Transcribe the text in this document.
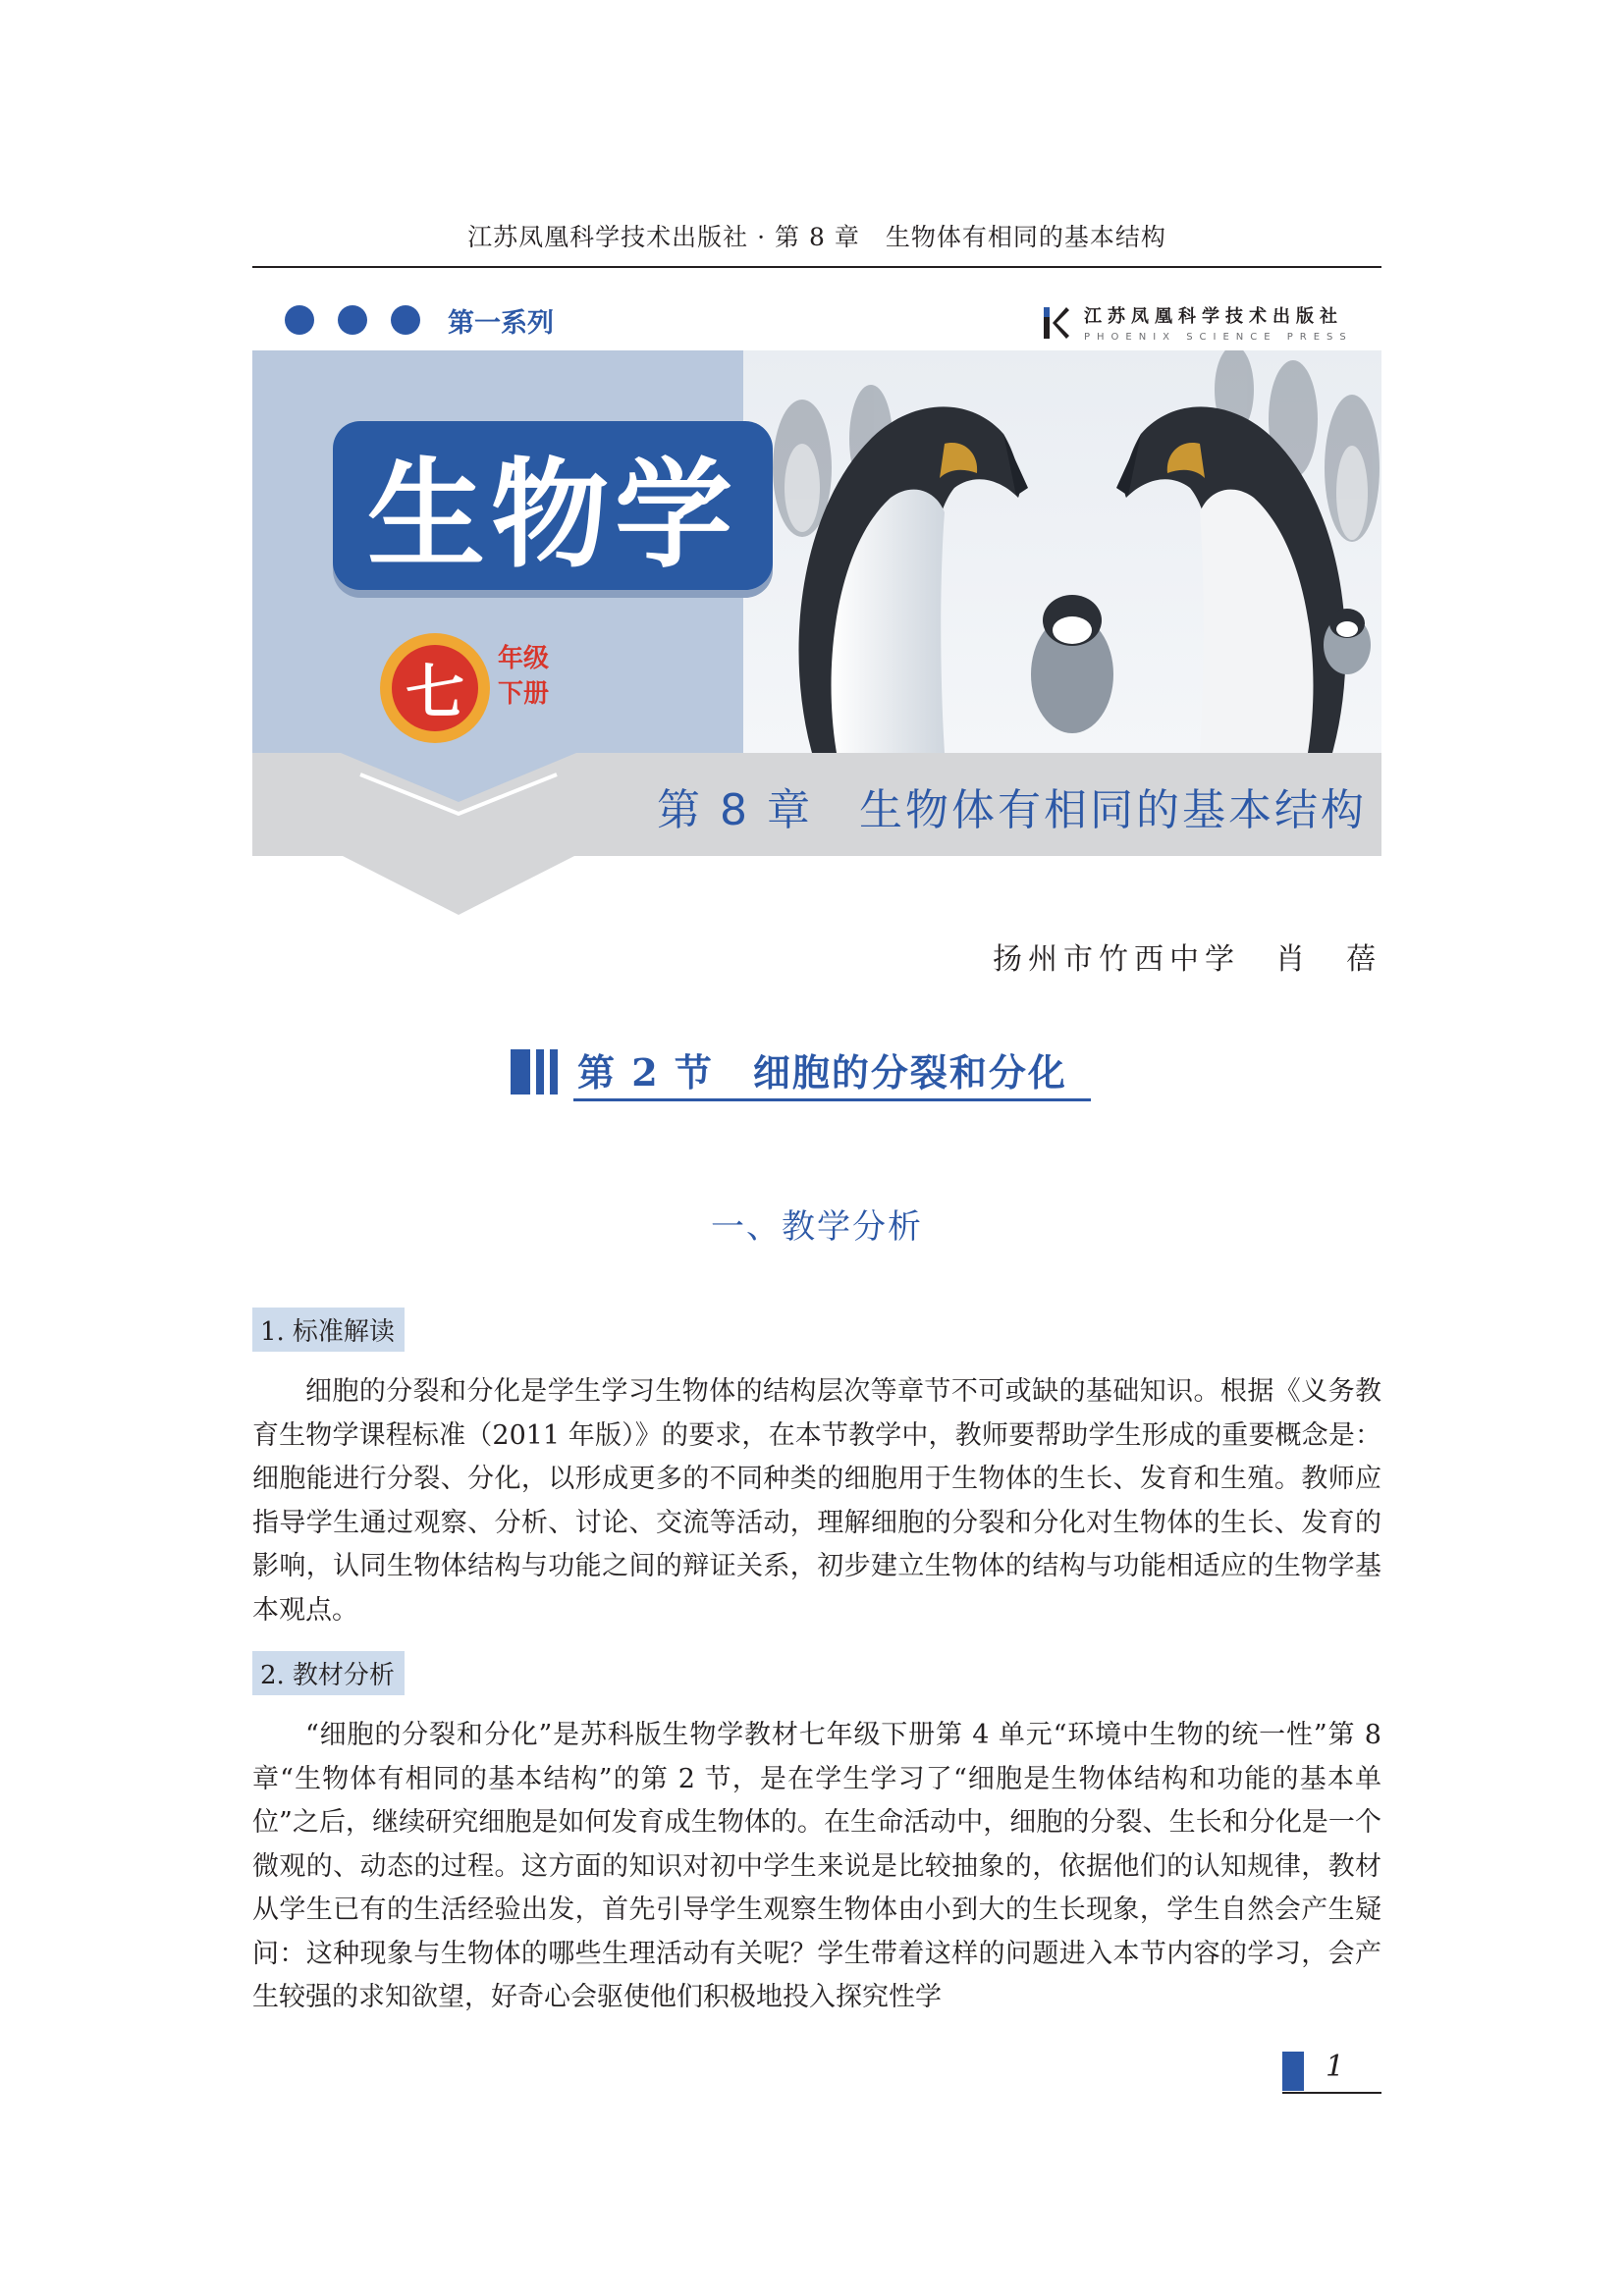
江苏凤凰科学技术出版社 · 第 8 章　生物体有相同的基本结构
第一系列	江苏凤凰科学技术出版社
PHOENIX SCIENCE PRESS
生物学
七	年级
下册
第 8 章　生物体有相同的基本结构
扬州市竹西中学　肖　蓓
第 2 节　细胞的分裂和分化
一、教学分析
1. 标准解读
细胞的分裂和分化是学生学习生物体的结构层次等章节不可或缺的基础知识。根据《义务教育生物学课程标准（2011 年版）》的要求，在本节教学中，教师要帮助学生形成的重要概念是：细胞能进行分裂、分化，以形成更多的不同种类的细胞用于生物体的生长、发育和生殖。教师应指导学生通过观察、分析、讨论、交流等活动，理解细胞的分裂和分化对生物体的生长、发育的影响，认同生物体结构与功能之间的辩证关系，初步建立生物体的结构与功能相适应的生物学基本观点。
2. 教材分析
“细胞的分裂和分化”是苏科版生物学教材七年级下册第 4 单元“环境中生物的统一性”第 8 章“生物体有相同的基本结构”的第 2 节，是在学生学习了“细胞是生物体结构和功能的基本单位”之后，继续研究细胞是如何发育成生物体的。在生命活动中，细胞的分裂、生长和分化是一个微观的、动态的过程。这方面的知识对初中学生来说是比较抽象的，依据他们的认知规律，教材从学生已有的生活经验出发，首先引导学生观察生物体由小到大的生长现象，学生自然会产生疑问：这种现象与生物体的哪些生理活动有关呢？学生带着这样的问题进入本节内容的学习，会产生较强的求知欲望，好奇心会驱使他们积极地投入探究性学
1
